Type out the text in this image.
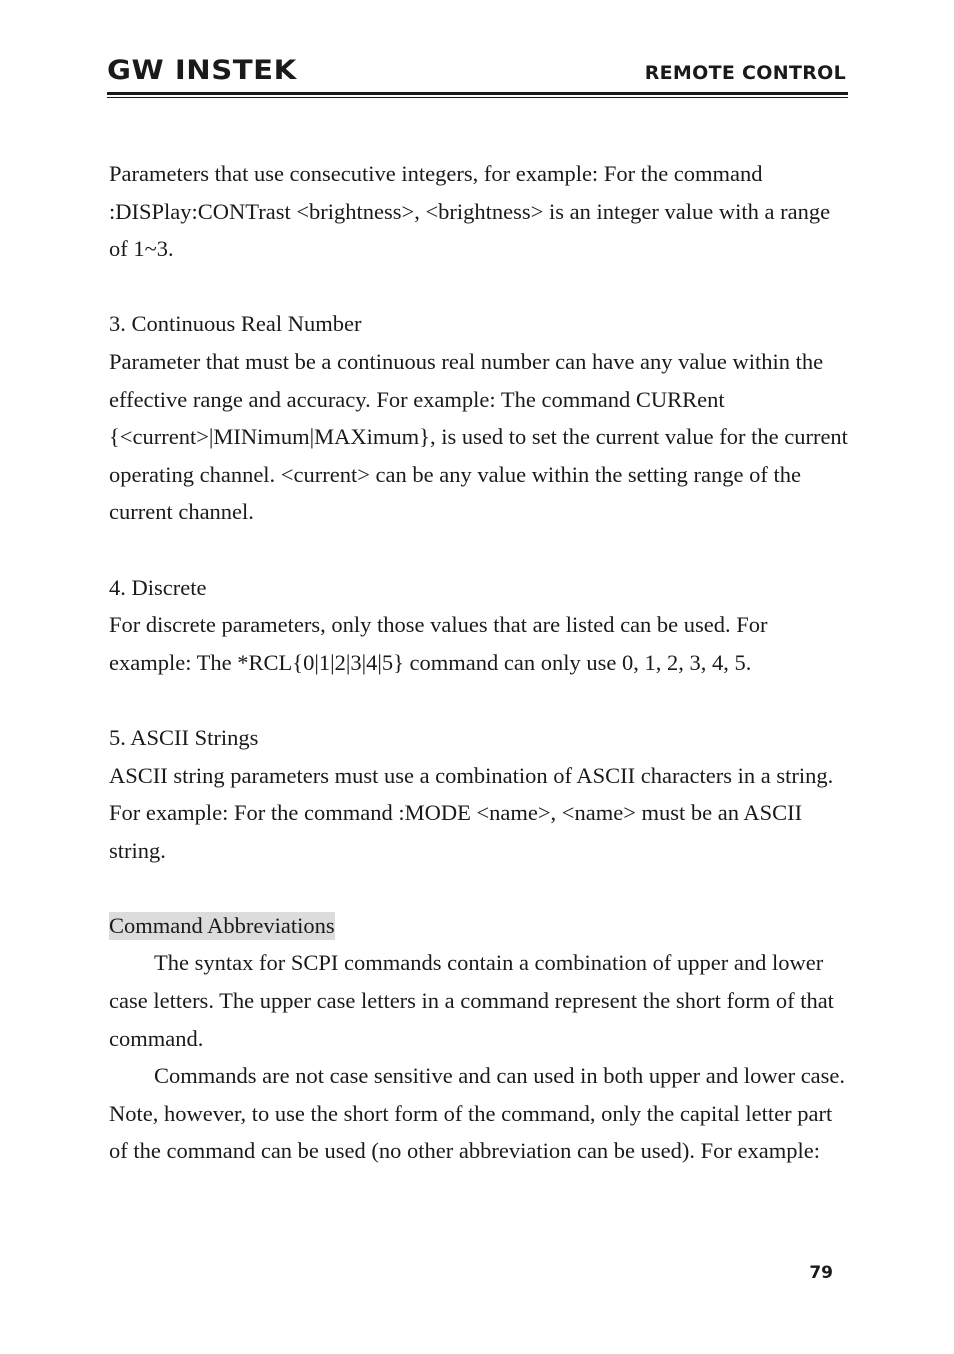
GW INSTEK	REMOTE CONTROL

Parameters that use consecutive integers, for example: For the command :DISPlay:CONTrast <brightness>, <brightness> is an integer value with a range of 1~3.

3. Continuous Real Number

Parameter that must be a continuous real number can have any value within the effective range and accuracy. For example: The command CURRent {<current>|MINimum|MAXimum}, is used to set the current value for the current operating channel. <current> can be any value within the setting range of the current channel.

4. Discrete

For discrete parameters, only those values that are listed can be used. For example: The *RCL{0|1|2|3|4|5} command can only use 0, 1, 2, 3, 4, 5.

5. ASCII Strings

ASCII string parameters must use a combination of ASCII characters in a string. For example: For the command :MODE <name>, <name> must be an ASCII string.

Command Abbreviations

The syntax for SCPI commands contain a combination of upper and lower case letters. The upper case letters in a command represent the short form of that command.

Commands are not case sensitive and can used in both upper and lower case. Note, however, to use the short form of the command, only the capital letter part of the command can be used (no other abbreviation can be used). For example:

79
